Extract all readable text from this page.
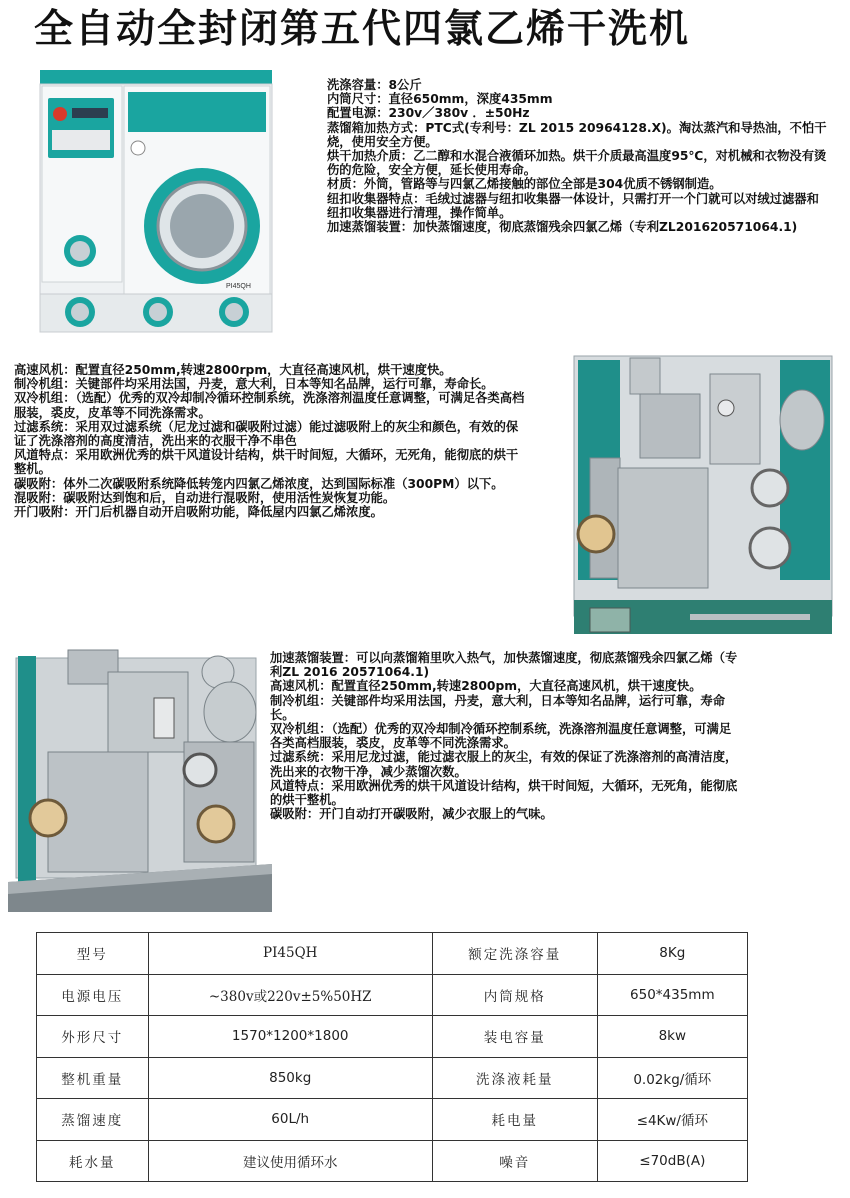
全自动全封闭第五代四氯乙烯干洗机
PI45QH

洗涤容量：8公斤

内筒尺寸：直径650mm，深度435mm

配置电源：230v／380v ．±50Hz

蒸馏箱加热方式：PTC式(专利号：ZL 2015 20964128.X)。淘汰蒸汽和导热油，不怕干烧，使用安全方便。

烘干加热介质：乙二醇和水混合液循环加热。烘干介质最高温度95℃，对机械和衣物没有烫伤的危险，安全方便，延长使用寿命。

材质：外筒，管路等与四氯乙烯接触的部位全部是304优质不锈钢制造。

纽扣收集器特点：毛绒过滤器与纽扣收集器一体设计，只需打开一个门就可以对绒过滤器和纽扣收集器进行清理，操作简单。

加速蒸馏装置：加快蒸馏速度，彻底蒸馏残余四氯乙烯（专利ZL201620571064.1)

高速风机：配置直径250mm,转速2800rpm，大直径高速风机，烘干速度快。

制冷机组：关键部件均采用法国，丹麦，意大利，日本等知名品牌，运行可靠，寿命长。

双冷机组：（选配）优秀的双冷却制冷循环控制系统，洗涤溶剂温度任意调整，可满足各类高档服装，裘皮，皮革等不同洗涤需求。

过滤系统：采用双过滤系统（尼龙过滤和碳吸附过滤）能过滤吸附上的灰尘和颜色，有效的保证了洗涤溶剂的高度清洁，洗出来的衣服干净不串色

风道特点：采用欧洲优秀的烘干风道设计结构，烘干时间短，大循环，无死角，能彻底的烘干整机。

碳吸附：体外二次碳吸附系统降低转笼内四氯乙烯浓度，达到国际标准（300PM）以下。

混吸附：碳吸附达到饱和后，自动进行混吸附，使用活性炭恢复功能。

开门吸附：开门后机器自动开启吸附功能，降低屋内四氯乙烯浓度。

加速蒸馏装置：可以向蒸馏箱里吹入热气，加快蒸馏速度，彻底蒸馏残余四氯乙烯（专利ZL 2016 20571064.1)

高速风机：配置直径250mm,转速2800pm，大直径高速风机，烘干速度快。

制冷机组：关键部件均采用法国，丹麦，意大利，日本等知名品牌，运行可靠，寿命长。

双冷机组：（选配）优秀的双冷却制冷循环控制系统，洗涤溶剂温度任意调整，可满足各类高档服装，裘皮，皮革等不同洗涤需求。

过滤系统：采用尼龙过滤，能过滤衣服上的灰尘，有效的保证了洗涤溶剂的高清洁度，洗出来的衣物干净，减少蒸馏次数。

风道特点：采用欧洲优秀的烘干风道设计结构，烘干时间短，大循环，无死角，能彻底的烘干整机。

碳吸附：开门自动打开碳吸附，减少衣服上的气味。

型号	PI45QH	额定洗涤容量	8Kg
电源电压	~380v或220v±5%50HZ	内筒规格	650*435mm
外形尺寸	1570*1200*1800	装电容量	8kw
整机重量	850kg	洗涤液耗量	0.02kg/循环
蒸馏速度	60L/h	耗电量	≤4Kw/循环
耗水量	建议使用循环水	噪音	≤70dB(A)
